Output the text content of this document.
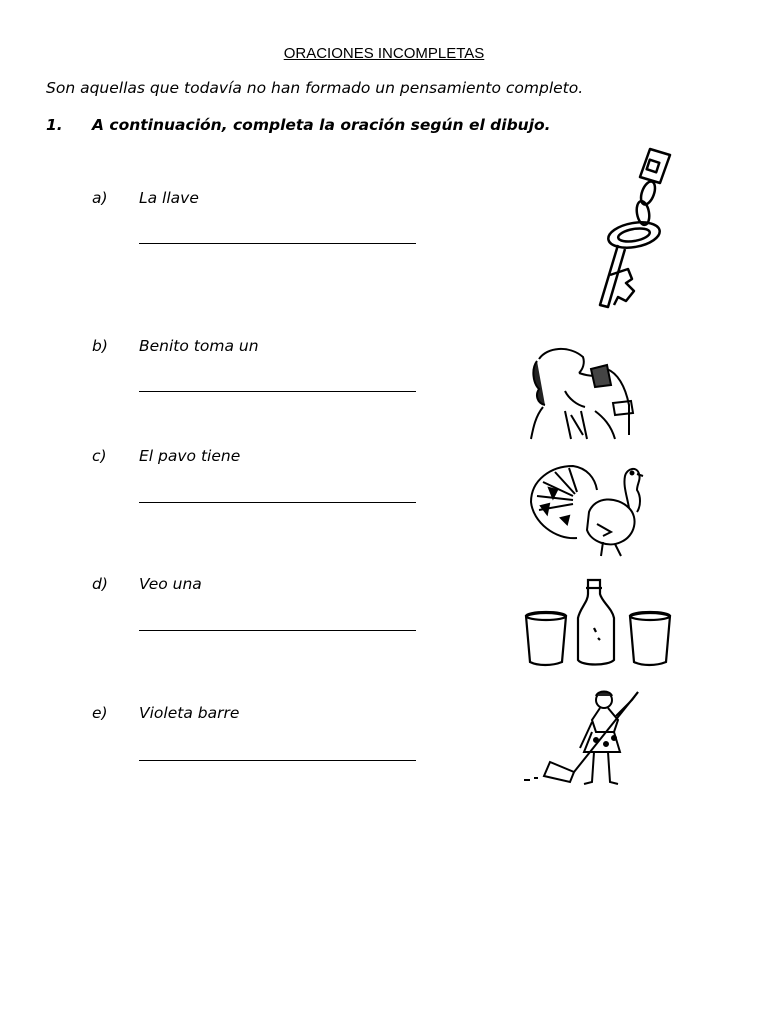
ORACIONES INCOMPLETAS
Son aquellas que todavía no han formado un pensamiento completo.
1. A continuación, completa la oración según el dibujo.
a) La llave
b) Benito toma un
c) El pavo tiene
d) Veo una
e) Violeta barre
